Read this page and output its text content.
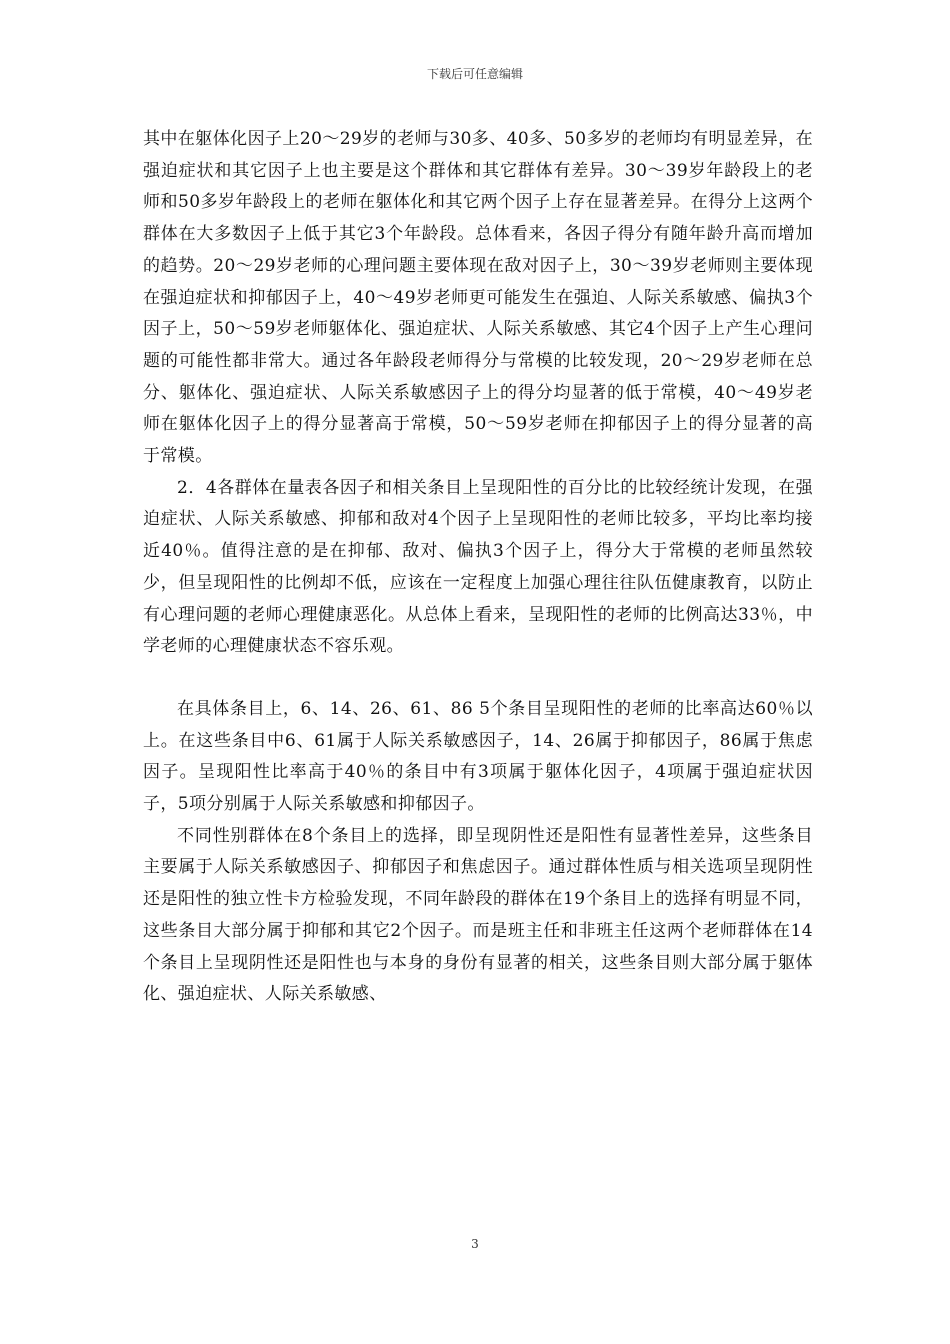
下载后可任意编辑

其中在躯体化因子上20～29岁的老师与30多、40多、50多岁的老师均有明显差异，在强迫症状和其它因子上也主要是这个群体和其它群体有差异。30～39岁年龄段上的老师和50多岁年龄段上的老师在躯体化和其它两个因子上存在显著差异。在得分上这两个群体在大多数因子上低于其它3个年龄段。总体看来，各因子得分有随年龄升高而增加的趋势。20～29岁老师的心理问题主要体现在敌对因子上，30～39岁老师则主要体现在强迫症状和抑郁因子上，40～49岁老师更可能发生在强迫、人际关系敏感、偏执3个因子上，50～59岁老师躯体化、强迫症状、人际关系敏感、其它4个因子上产生心理问题的可能性都非常大。通过各年龄段老师得分与常模的比较发现，20～29岁老师在总分、躯体化、强迫症状、人际关系敏感因子上的得分均显著的低于常模，40～49岁老师在躯体化因子上的得分显著高于常模，50～59岁老师在抑郁因子上的得分显著的高于常模。

2．4各群体在量表各因子和相关条目上呈现阳性的百分比的比较经统计发现，在强迫症状、人际关系敏感、抑郁和敌对4个因子上呈现阳性的老师比较多，平均比率均接近40％。值得注意的是在抑郁、敌对、偏执3个因子上，得分大于常模的老师虽然较少，但呈现阳性的比例却不低，应该在一定程度上加强心理往往队伍健康教育，以防止有心理问题的老师心理健康恶化。从总体上看来，呈现阳性的老师的比例高达33％，中学老师的心理健康状态不容乐观。

在具体条目上，6、14、26、61、86 5个条目呈现阳性的老师的比率高达60％以上。在这些条目中6、61属于人际关系敏感因子，14、26属于抑郁因子，86属于焦虑因子。呈现阳性比率高于40％的条目中有3项属于躯体化因子，4项属于强迫症状因子，5项分别属于人际关系敏感和抑郁因子。

不同性别群体在8个条目上的选择，即呈现阴性还是阳性有显著性差异，这些条目主要属于人际关系敏感因子、抑郁因子和焦虑因子。通过群体性质与相关选项呈现阴性还是阳性的独立性卡方检验发现，不同年龄段的群体在19个条目上的选择有明显不同，这些条目大部分属于抑郁和其它2个因子。而是班主任和非班主任这两个老师群体在14个条目上呈现阴性还是阳性也与本身的身份有显著的相关，这些条目则大部分属于躯体化、强迫症状、人际关系敏感、

3
